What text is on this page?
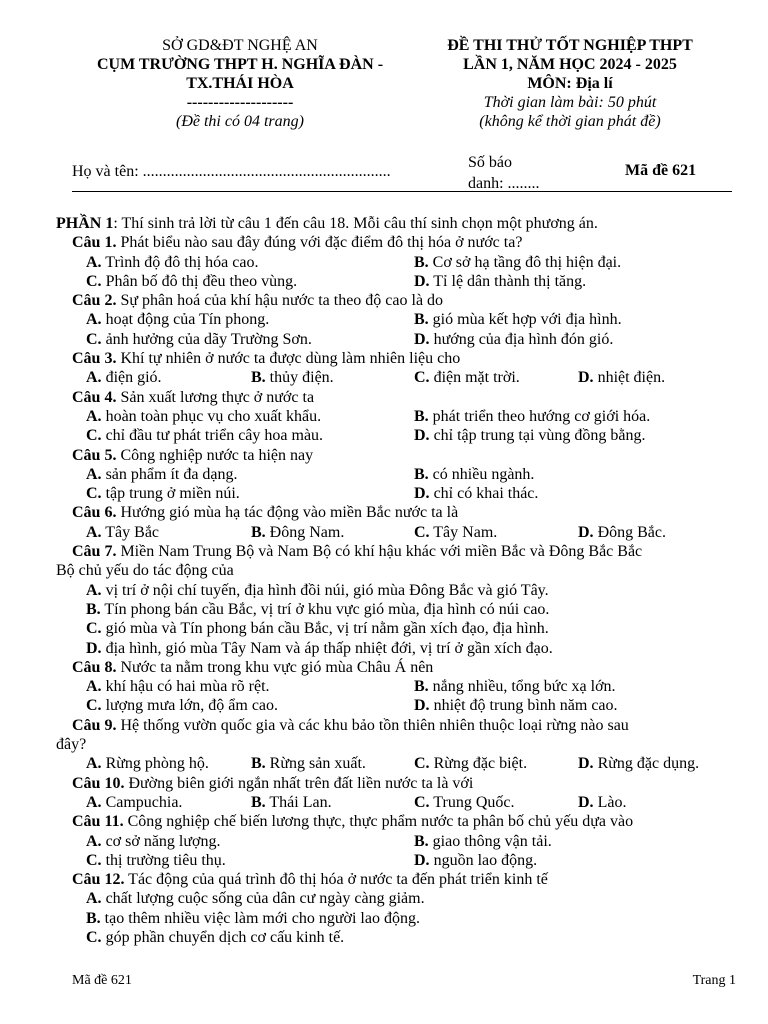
SỞ GD&ĐT NGHỆ AN
CỤM TRƯỜNG THPT H. NGHĨA ĐÀN -
TX.THÁI HÒA
--------------------
(Đề thi có 04 trang)
ĐỀ THI THỬ TỐT NGHIỆP THPT
LẦN 1, NĂM HỌC 2024 - 2025
MÔN: Địa lí
Thời gian làm bài: 50 phút
(không kể thời gian phát đề)
Họ và tên: ..............................................................
Số báo
danh: ........
Mã đề 621
PHẦN 1: Thí sinh trả lời từ câu 1 đến câu 18. Mỗi câu thí sinh chọn một phương án.
Câu 1. Phát biểu nào sau đây đúng với đặc điểm đô thị hóa ở nước ta?
A. Trình độ đô thị hóa cao.	B. Cơ sở hạ tầng đô thị hiện đại.
C. Phân bố đô thị đều theo vùng.	D. Tỉ lệ dân thành thị tăng.
Câu 2. Sự phân hoá của khí hậu nước ta theo độ cao là do
A. hoạt động của Tín phong.	B. gió mùa kết hợp với địa hình.
C. ảnh hưởng của dãy Trường Sơn.	D. hướng của địa hình đón gió.
Câu 3. Khí tự nhiên ở nước ta được dùng làm nhiên liệu cho
A. điện gió.	B. thủy điện.	C. điện mặt trời.	D. nhiệt điện.
Câu 4. Sản xuất lương thực ở nước ta
A. hoàn toàn phục vụ cho xuất khẩu.	B. phát triển theo hướng cơ giới hóa.
C. chỉ đầu tư phát triển cây hoa màu.	D. chỉ tập trung tại vùng đồng bằng.
Câu 5. Công nghiệp nước ta hiện nay
A. sản phẩm ít đa dạng.	B. có nhiều ngành.
C. tập trung ở miền núi.	D. chỉ có khai thác.
Câu 6. Hướng gió mùa hạ tác động vào miền Bắc nước ta là
A. Tây Bắc	B. Đông Nam.	C. Tây Nam.	D. Đông Bắc.
Câu 7. Miền Nam Trung Bộ và Nam Bộ có khí hậu khác với miền Bắc và Đông Bắc Bắc
Bộ chủ yếu do tác động của
A. vị trí ở nội chí tuyến, địa hình đồi núi, gió mùa Đông Bắc và gió Tây.
B. Tín phong bán cầu Bắc, vị trí ở khu vực gió mùa, địa hình có núi cao.
C. gió mùa và Tín phong bán cầu Bắc, vị trí nằm gần xích đạo, địa hình.
D. địa hình, gió mùa Tây Nam và áp thấp nhiệt đới, vị trí ở gần xích đạo.
Câu 8. Nước ta nằm trong khu vực gió mùa Châu Á nên
A. khí hậu có hai mùa rõ rệt.	B. nắng nhiều, tổng bức xạ lớn.
C. lượng mưa lớn, độ ẩm cao.	D. nhiệt độ trung bình năm cao.
Câu 9. Hệ thống vườn quốc gia và các khu bảo tồn thiên nhiên thuộc loại rừng nào sau
đây?
A. Rừng phòng hộ.	B. Rừng sản xuất.	C. Rừng đặc biệt.	D. Rừng đặc dụng.
Câu 10. Đường biên giới ngắn nhất trên đất liền nước ta là với
A. Campuchia.	B. Thái Lan.	C. Trung Quốc.	D. Lào.
Câu 11. Công nghiệp chế biến lương thực, thực phẩm nước ta phân bố chủ yếu dựa vào
A. cơ sở năng lượng.	B. giao thông vận tải.
C. thị trường tiêu thụ.	D. nguồn lao động.
Câu 12. Tác động của quá trình đô thị hóa ở nước ta đến phát triển kinh tế
A. chất lượng cuộc sống của dân cư ngày càng giảm.
B. tạo thêm nhiều việc làm mới cho người lao động.
C. góp phần chuyển dịch cơ cấu kinh tế.
Mã đề 621	Trang 1
